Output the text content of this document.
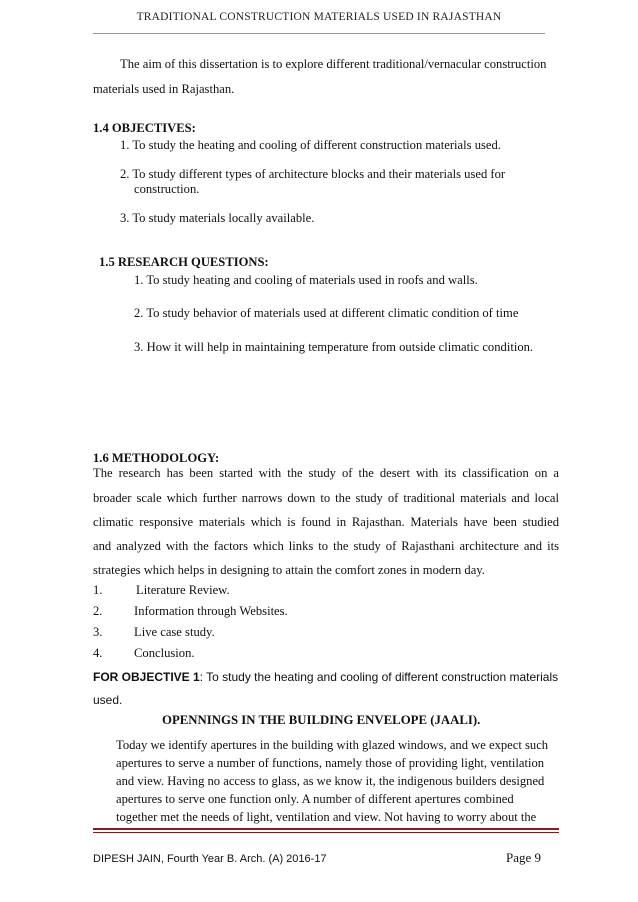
TRADITIONAL CONSTRUCTION MATERIALS USED IN RAJASTHAN
The aim of this dissertation is to explore different traditional/vernacular construction
materials used in Rajasthan.
1.4 OBJECTIVES:
1. To study the heating and cooling of different construction materials used.
2. To study different types of architecture blocks and their materials used for
construction.
3. To study materials locally available.
1.5 RESEARCH QUESTIONS:
1. To study heating and cooling of materials used in roofs and walls.
2. To study behavior of materials used at different climatic condition of time
3. How it will help in maintaining temperature from outside climatic condition.
1.6 METHODOLOGY:
The research has been started with the study of the desert with its classification on a
broader scale which further narrows down to the study of traditional materials and local
climatic responsive materials which is found in Rajasthan. Materials have been studied
and analyzed with the factors which links to the study of Rajasthani architecture and its
strategies which helps in designing to attain the comfort zones in modern day.
1.	Literature Review.
2.	Information through Websites.
3.	Live case study.
4.	Conclusion.
FOR OBJECTIVE 1: To study the heating and cooling of different construction materials
used.
OPENNINGS IN THE BUILDING ENVELOPE (JAALI).
Today we identify apertures in the building with glazed windows, and we expect such
apertures to serve a number of functions, namely those of providing light, ventilation
and view. Having no access to glass, as we know it, the indigenous builders designed
apertures to serve one function only. A number of different apertures combined
together met the needs of light, ventilation and view. Not having to worry about the
DIPESH JAIN, Fourth Year B. Arch. (A) 2016-17	Page 9
